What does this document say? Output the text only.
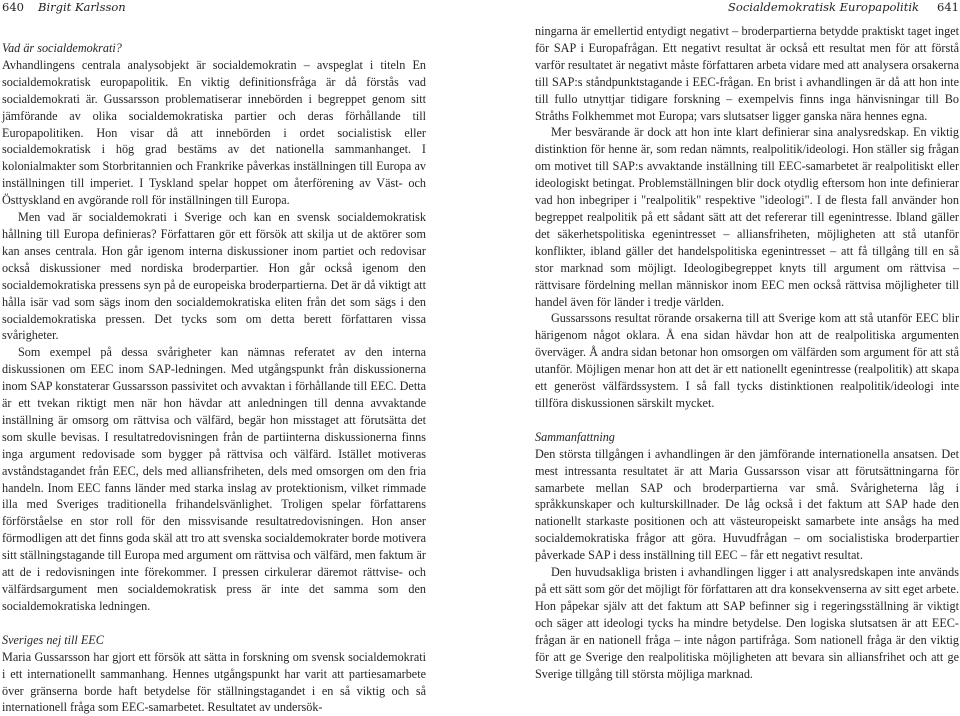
640 Birgit Karlsson
Vad är socialdemokrati?

Avhandlingens centrala analysobjekt är socialdemokratin – avspeglat i titeln En socialdemokratisk europapolitik. En viktig definitionsfråga är då förstås vad socialdemokrati är. Gussarsson problematiserar innebörden i begreppet genom sitt jämförande av olika socialdemokratiska partier och deras förhållande till Europapolitiken. Hon visar då att innebörden i ordet socialistisk eller socialdemokratisk i hög grad bestäms av det nationella sammanhanget. I kolonialmakter som Storbritannien och Frankrike påverkas inställningen till Europa av inställningen till imperiet. I Tyskland spelar hoppet om återförening av Väst- och Östtyskland en avgörande roll för inställningen till Europa.

Men vad är socialdemokrati i Sverige och kan en svensk socialdemokratisk hållning till Europa definieras? Författaren gör ett försök att skilja ut de aktörer som kan anses centrala. Hon går igenom interna diskussioner inom partiet och redovisar också diskussioner med nordiska broderpartier. Hon går också igenom den socialdemokratiska pressens syn på de europeiska broderpartierna. Det är då viktigt att hålla isär vad som sägs inom den socialdemokratiska eliten från det som sägs i den socialdemokratiska pressen. Det tycks som om detta berett författaren vissa svårigheter.

Som exempel på dessa svårigheter kan nämnas referatet av den interna diskussionen om EEC inom SAP-ledningen. Med utgångspunkt från diskussionerna inom SAP konstaterar Gussarsson passivitet och avvaktan i förhållande till EEC. Detta är ett tvekan riktigt men när hon hävdar att anledningen till denna avvaktande inställning är omsorg om rättvisa och välfärd, begär hon misstaget att förutsätta det som skulle bevisas. I resultatredovisningen från de partiinterna diskussionerna finns inga argument redovisade som bygger på rättvisa och välfärd. Istället motiveras avståndstagandet från EEC, dels med alliansfriheten, dels med omsorgen om den fria handeln. Inom EEC fanns länder med starka inslag av protektionism, vilket rimmade illa med Sveriges traditionella frihandelsvänlighet. Troligen spelar författarens förförståelse en stor roll för den missvisande resultatredovisningen. Hon anser förmodligen att det finns goda skäl att tro att svenska socialdemokrater borde motivera sitt ställningstagande till Europa med argument om rättvisa och välfärd, men faktum är att de i redovisningen inte förekommer. I pressen cirkulerar däremot rättvise- och välfärdsargument men socialdemokratisk press är inte det samma som den socialdemokratiska ledningen.

Sveriges nej till EEC

Maria Gussarsson har gjort ett försök att sätta in forskning om svensk socialdemokrati i ett internationellt sammanhang. Hennes utgångspunkt har varit att partiesamarbete över gränserna borde haft betydelse för ställningstagandet i en så viktig och så internationell fråga som EEC-samarbetet. Resultatet av undersök-

Socialdemokratisk Europapolitik 641

ningarna är emellertid entydigt negativt – broderpartierna betydde praktiskt taget inget för SAP i Europafrågan. Ett negativt resultat är också ett resultat men för att förstå varför resultatet är negativt måste författaren arbeta vidare med att analysera orsakerna till SAP:s ståndpunktstagande i EEC-frågan. En brist i avhandlingen är då att hon inte till fullo utnyttjar tidigare forskning – exempelvis finns inga hänvisningar till Bo Stråths Folkhemmet mot Europa; vars slutsatser ligger ganska nära hennes egna.

Mer besvärande är dock att hon inte klart definierar sina analysredskap. En viktig distinktion för henne är, som redan nämnts, realpolitik/ideologi. Hon ställer sig frågan om motivet till SAP:s avvaktande inställning till EEC-samarbetet är realpolitiskt eller ideologiskt betingat. Problemställningen blir dock otydlig eftersom hon inte definierar vad hon inbegriper i "realpolitik" respektive "ideologi". I de flesta fall använder hon begreppet realpolitik på ett sådant sätt att det refererar till egenintresse. Ibland gäller det säkerhetspolitiska egenintresset – alliansfriheten, möjligheten att stå utanför konflikter, ibland gäller det handelspolitiska egenintresset – att få tillgång till en så stor marknad som möjligt. Ideologibegreppet knyts till argument om rättvisa – rättvisare fördelning mellan människor inom EEC men också rättvisa möjligheter till handel även för länder i tredje världen.

Gussarssons resultat rörande orsakerna till att Sverige kom att stå utanför EEC blir härigenom något oklara. Å ena sidan hävdar hon att de realpolitiska argumenten överväger. Å andra sidan betonar hon omsorgen om välfärden som argument för att stå utanför. Möjligen menar hon att det är ett nationellt egenintresse (realpolitik) att skapa ett generöst välfärdssystem. I så fall tycks distinktionen realpolitik/ideologi inte tillföra diskussionen särskilt mycket.

Sammanfattning

Den största tillgången i avhandlingen är den jämförande internationella ansatsen. Det mest intressanta resultatet är att Maria Gussarsson visar att förutsättningarna för samarbete mellan SAP och broderpartierna var små. Svårigheterna låg i språkkunskaper och kulturskillnader. De låg också i det faktum att SAP hade den nationellt starkaste positionen och att västeuropeiskt samarbete inte ansågs ha med socialdemokratiska frågor att göra. Huvudfrågan – om socialistiska broderpartier påverkade SAP i dess inställning till EEC – får ett negativt resultat.

Den huvudsakliga bristen i avhandlingen ligger i att analysredskapen inte används på ett sätt som gör det möjligt för författaren att dra konsekvenserna av sitt eget arbete. Hon påpekar själv att det faktum att SAP befinner sig i regeringsställning är viktigt och säger att ideologi tycks ha mindre betydelse. Den logiska slutsatsen är att EEC-frågan är en nationell fråga – inte någon partifråga. Som nationell fråga är den viktig för att ge Sverige den realpolitiska möjligheten att bevara sin alliansfrihet och att ge Sverige tillgång till största möjliga marknad.
